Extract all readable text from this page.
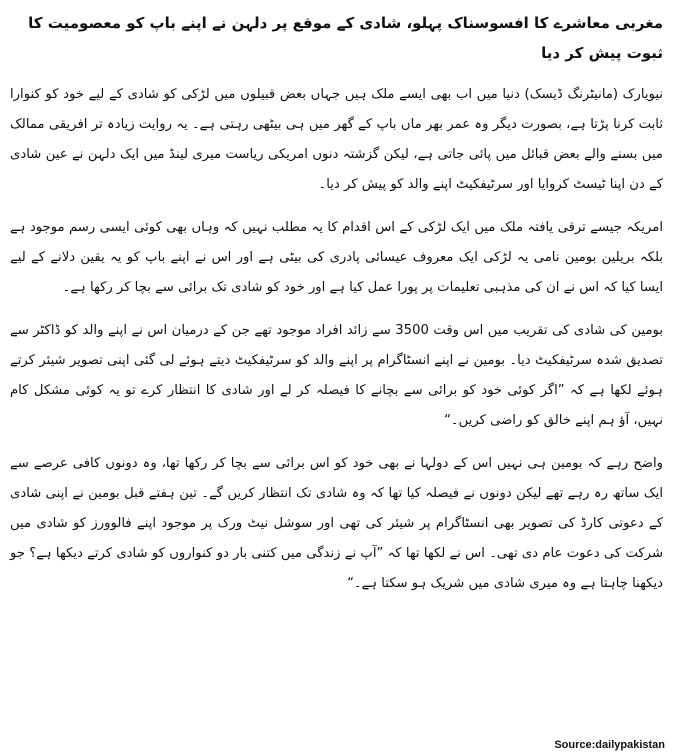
مغربی معاشرے کا افسوسناک پہلو، شادی کے موقع پر دلہن نے اپنے باپ کو معصومیت کا ثبوت پیش کر دیا

نیویارک (مانیٹرنگ ڈیسک) دنیا میں اب بھی ایسے ملک ہیں جہاں بعض قبیلوں میں لڑکی کو شادی کے لیے خود کو کنوارا ثابت کرنا پڑتا ہے، بصورت دیگر وہ عمر بھر ماں باپ کے گھر میں ہی بیٹھی رہتی ہے۔ یہ روایت زیادہ تر افریقی ممالک میں بسنے والے بعض قبائل میں پائی جاتی ہے، لیکن گزشتہ دنوں امریکی ریاست میری لینڈ میں ایک دلہن نے عین شادی کے دن اپنا ٹیسٹ کروایا اور سرٹیفکیٹ اپنے والد کو پیش کر دیا۔

امریکہ جیسے ترقی یافتہ ملک میں ایک لڑکی کے اس اقدام کا یہ مطلب نہیں کہ وہاں بھی کوئی ایسی رسم موجود ہے بلکہ بریلین بومین نامی یہ لڑکی ایک معروف عیسائی پادری کی بیٹی ہے اور اس نے اپنے باپ کو یہ یقین دلانے کے لیے ایسا کیا کہ اس نے ان کی مذہبی تعلیمات پر پورا عمل کیا ہے اور خود کو شادی تک برائی سے بچا کر رکھا ہے۔

بومین کی شادی کی تقریب میں اس وقت 3500 سے زائد افراد موجود تھے جن کے درمیان اس نے اپنے والد کو ڈاکٹر سے تصدیق شدہ سرٹیفکیٹ دیا۔ بومین نے اپنے انسٹاگرام پر اپنے والد کو سرٹیفکیٹ دیتے ہوئے لی گئی اپنی تصویر شیئر کرتے ہوئے لکھا ہے کہ ”اگر کوئی خود کو برائی سے بچانے کا فیصلہ کر لے اور شادی کا انتظار کرے تو یہ کوئی مشکل کام نہیں، آؤ ہم اپنے خالق کو راضی کریں۔“

واضح رہے کہ بومین ہی نہیں اس کے دولہا نے بھی خود کو اس برائی سے بچا کر رکھا تھا، وہ دونوں کافی عرصے سے ایک ساتھ رہ رہے تھے لیکن دونوں نے فیصلہ کیا تھا کہ وہ شادی تک انتظار کریں گے۔ تین ہفتے قبل بومین نے اپنی شادی کے دعوتی کارڈ کی تصویر بھی انسٹاگرام پر شیئر کی تھی اور سوشل نیٹ ورک پر موجود اپنے فالوورز کو شادی میں شرکت کی دعوت عام دی تھی۔ اس نے لکھا تھا کہ ”آپ نے زندگی میں کتنی بار دو کنواروں کو شادی کرتے دیکھا ہے؟ جو دیکھنا چاہتا ہے وہ میری شادی میں شریک ہو سکتا ہے۔“

Source:dailypakistan
